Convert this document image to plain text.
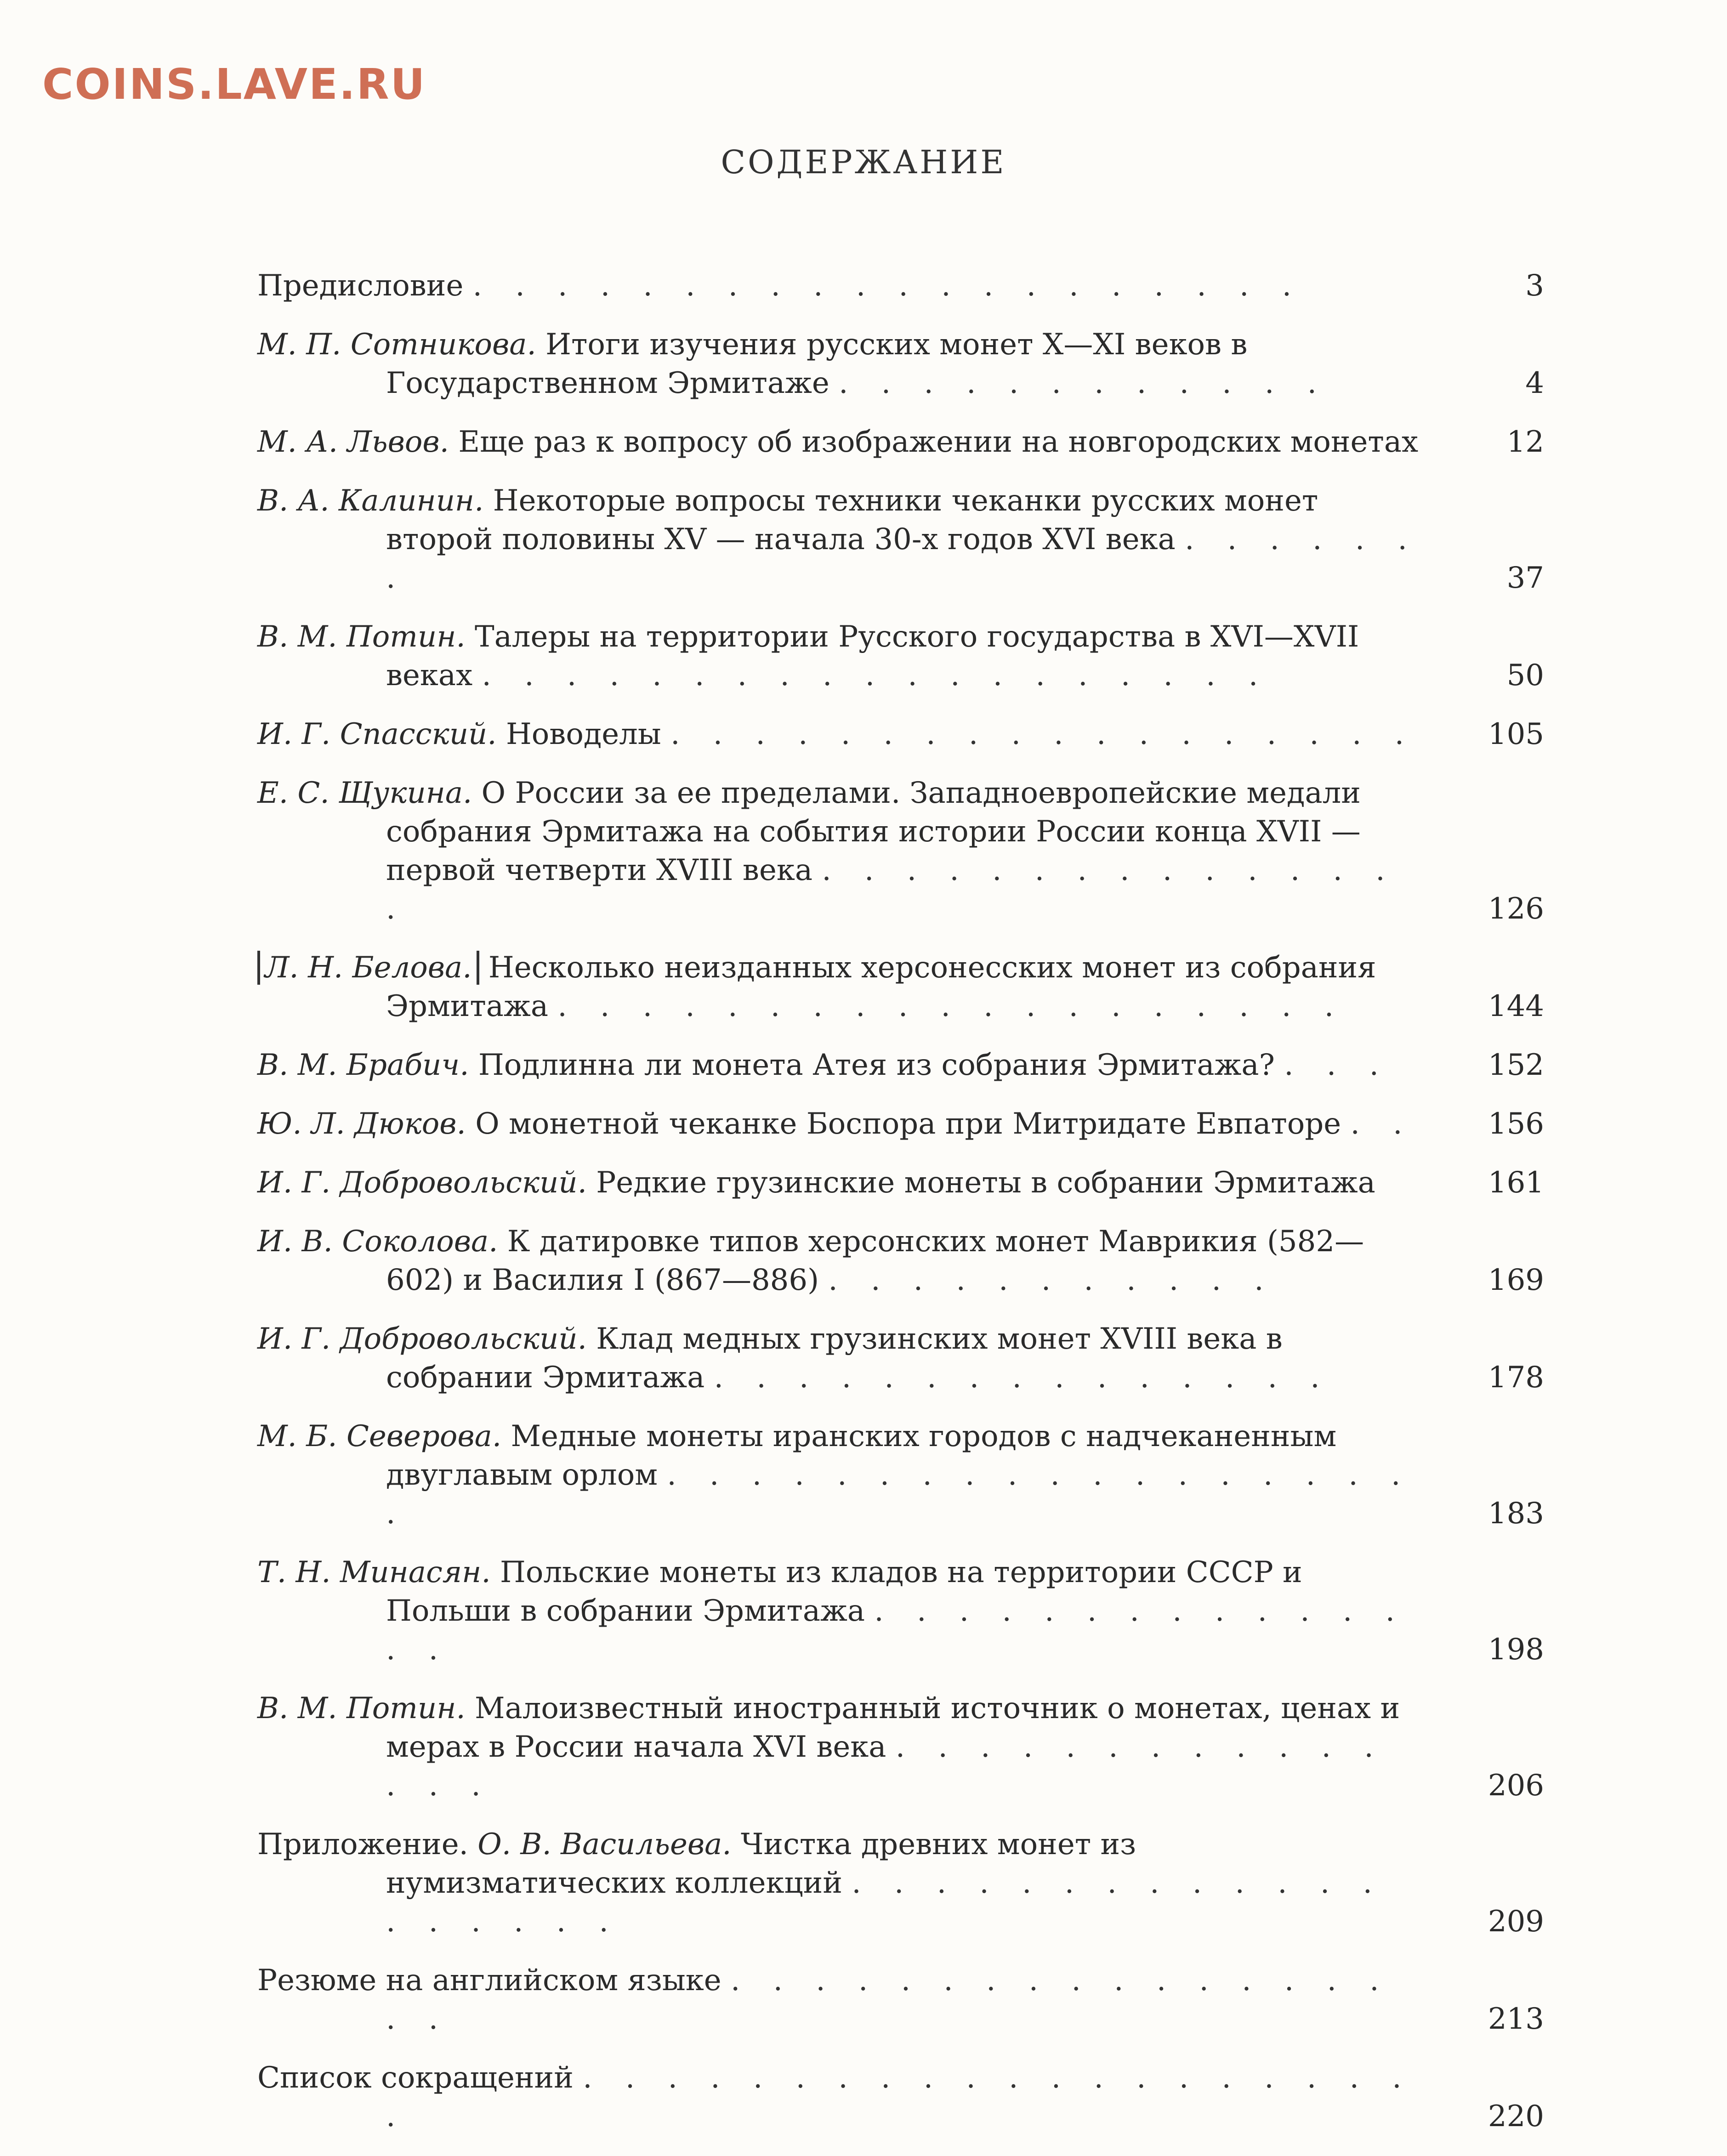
COINS.LAVE.RU
СОДЕРЖАНИЕ
Предисловие . . . . . . . . . . . . . . . . . . . .	3
М. П. Сотникова. Итоги изучения русских монет X—XI веков в Государственном Эрмитаже . . . . . . . . . . . .	4
М. А. Львов. Еще раз к вопросу об изображении на новгородских монетах	12
В. А. Калинин. Некоторые вопросы техники чеканки русских монет второй половины XV — начала 30-х годов XVI века . . . . . . .	37
В. М. Потин. Талеры на территории Русского государства в XVI—XVII веках . . . . . . . . . . . . . . . . . . .	50
И. Г. Спасский. Новоделы . . . . . . . . . . . . . . . . . .	105
Е. С. Щукина. О России за ее пределами. Западноевропейские медали собрания Эрмитажа на события истории России конца XVII — первой четверти XVIII века . . . . . . . . . . . . . . .	126
Л. Н. Белова. Несколько неизданных херсонесских монет из собрания Эрмитажа . . . . . . . . . . . . . . . . . . .	144
В. М. Брабич. Подлинна ли монета Атея из собрания Эрмитажа? . . .	152
Ю. Л. Дюков. О монетной чеканке Боспора при Митридате Евпаторе . .	156
И. Г. Добровольский. Редкие грузинские монеты в собрании Эрмитажа	161
И. В. Соколова. К датировке типов херсонских монет Маврикия (582—602) и Василия I (867—886) . . . . . . . . . . .	169
И. Г. Добровольский. Клад медных грузинских монет XVIII века в собрании Эрмитажа . . . . . . . . . . . . . . .	178
М. Б. Северова. Медные монеты иранских городов с надчеканенным двуглавым орлом . . . . . . . . . . . . . . . . . . .	183
Т. Н. Минасян. Польские монеты из кладов на территории СССР и Польши в собрании Эрмитажа . . . . . . . . . . . . . . .	198
В. М. Потин. Малоизвестный иностранный источник о монетах, ценах и мерах в России начала XVI века . . . . . . . . . . . . . . .	206
Приложение. О. В. Васильева. Чистка древних монет из нумизматических коллекций . . . . . . . . . . . . . . . . . . .	209
Резюме на английском языке . . . . . . . . . . . . . . . . . .	213
Список сокращений . . . . . . . . . . . . . . . . . . . . .	220
